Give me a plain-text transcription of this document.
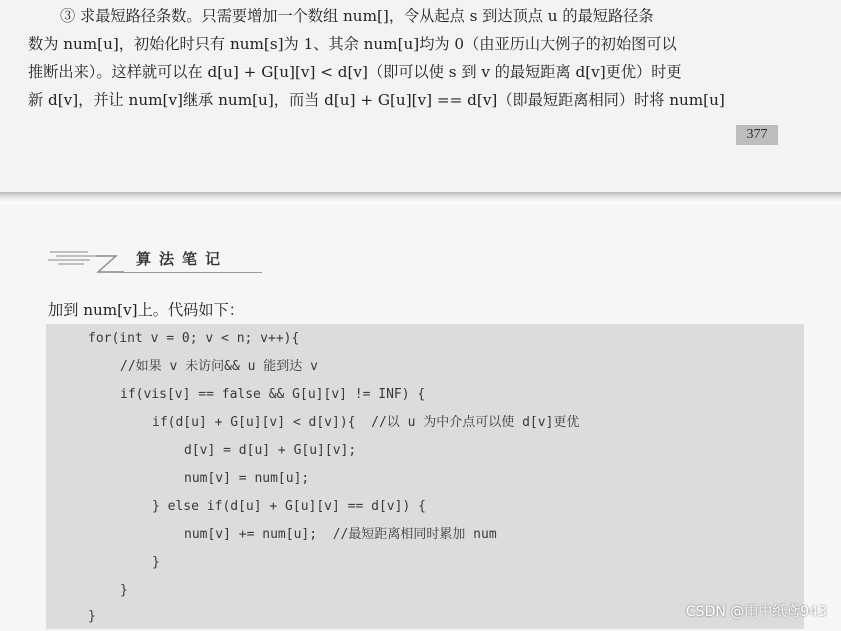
③ 求最短路径条数。只需要增加一个数组 num[]，令从起点 s 到达顶点 u 的最短路径条
数为 num[u]，初始化时只有 num[s]为 1、其余 num[u]均为 0（由亚历山大例子的初始图可以
推断出来）。这样就可以在 d[u] + G[u][v] < d[v]（即可以使 s 到 v 的最短距离 d[v]更优）时更
新 d[v]，并让 num[v]继承 num[u]，而当 d[u] + G[u][v] == d[v]（即最短距离相同）时将 num[u]
377
算法笔记
加到 num[v]上。代码如下：
for(int v = 0; v < n; v++){
//如果 v 未访问&& u 能到达 v
if(vis[v] == false && G[u][v] != INF) {
if(d[u] + G[u][v] < d[v]){  //以 u 为中介点可以使 d[v]更优
d[v] = d[u] + G[u][v];
num[v] = num[u];
} else if(d[u] + G[u][v] == d[v]) {
num[v] += num[u];  //最短距离相同时累加 num
}
}
}	CSDN @雨中纸鸢943
